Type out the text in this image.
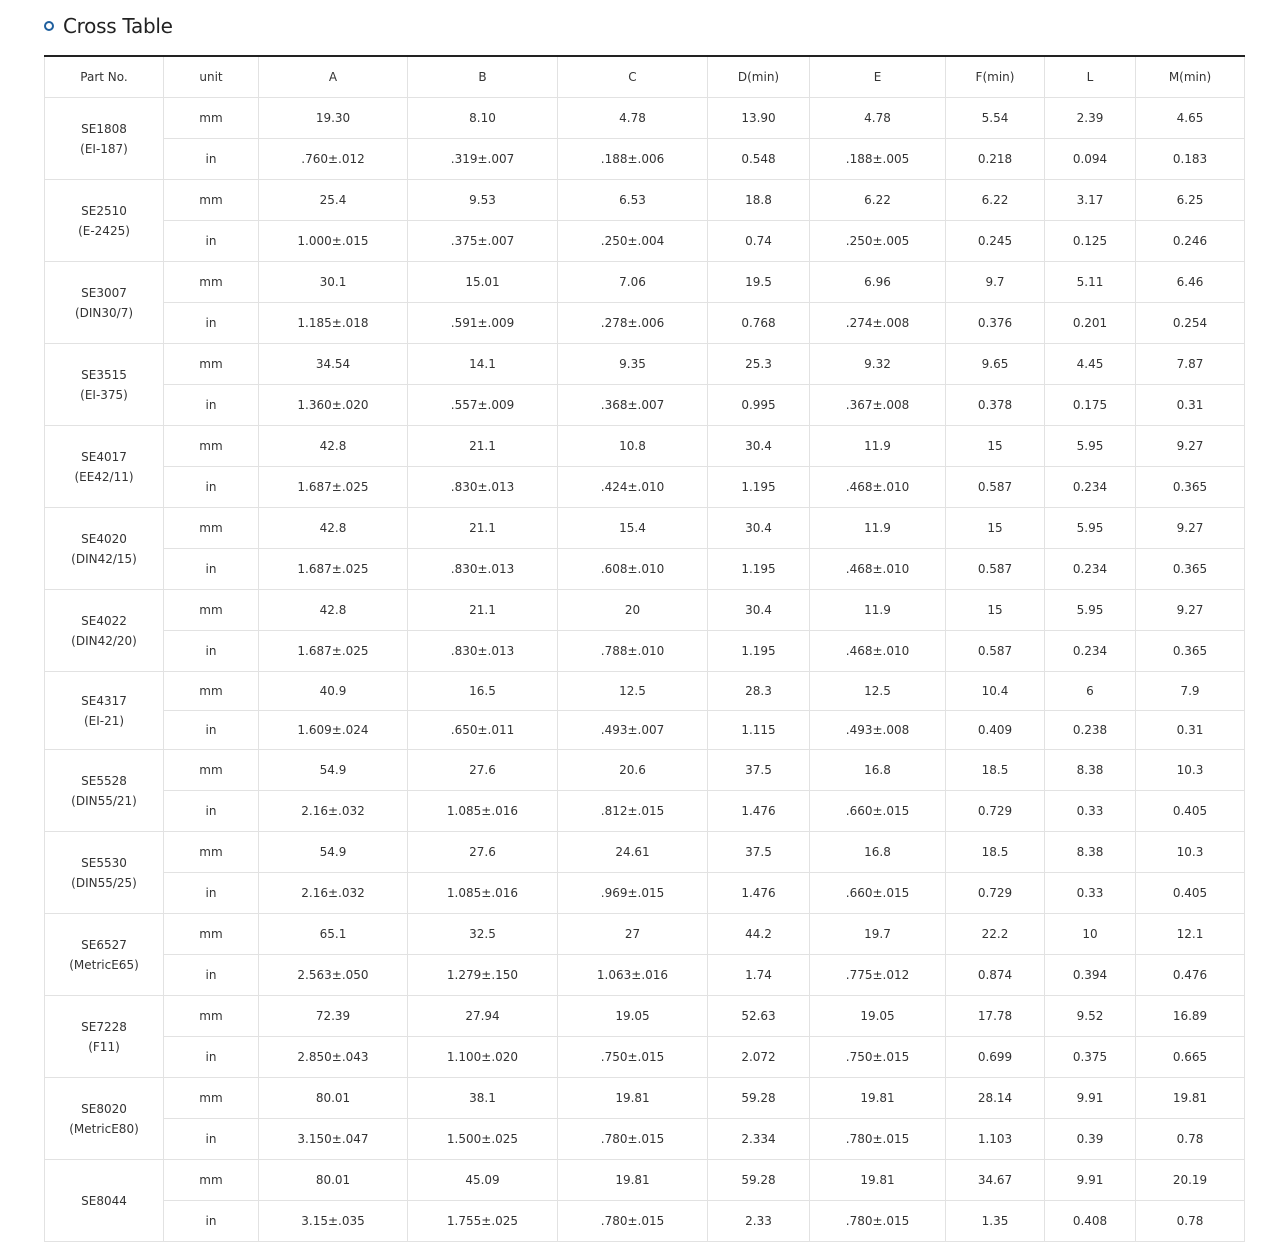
Cross Table
Part No.	unit	A	B	C	D(min)	E	F(min)	L	M(min)

SE1808
(EI-187)	mm	19.30	8.10	4.78	13.90	4.78	5.54	2.39	4.65
	in	.760±.012	.319±.007	.188±.006	0.548	.188±.005	0.218	0.094	0.183

SE2510
(E-2425)	mm	25.4	9.53	6.53	18.8	6.22	6.22	3.17	6.25
	in	1.000±.015	.375±.007	.250±.004	0.74	.250±.005	0.245	0.125	0.246

SE3007
(DIN30/7)	mm	30.1	15.01	7.06	19.5	6.96	9.7	5.11	6.46
	in	1.185±.018	.591±.009	.278±.006	0.768	.274±.008	0.376	0.201	0.254

SE3515
(EI-375)	mm	34.54	14.1	9.35	25.3	9.32	9.65	4.45	7.87
	in	1.360±.020	.557±.009	.368±.007	0.995	.367±.008	0.378	0.175	0.31

SE4017
(EE42/11)	mm	42.8	21.1	10.8	30.4	11.9	15	5.95	9.27
	in	1.687±.025	.830±.013	.424±.010	1.195	.468±.010	0.587	0.234	0.365

SE4020
(DIN42/15)	mm	42.8	21.1	15.4	30.4	11.9	15	5.95	9.27
	in	1.687±.025	.830±.013	.608±.010	1.195	.468±.010	0.587	0.234	0.365

SE4022
(DIN42/20)	mm	42.8	21.1	20	30.4	11.9	15	5.95	9.27
	in	1.687±.025	.830±.013	.788±.010	1.195	.468±.010	0.587	0.234	0.365

SE4317
(EI-21)	mm	40.9	16.5	12.5	28.3	12.5	10.4	6	7.9
	in	1.609±.024	.650±.011	.493±.007	1.115	.493±.008	0.409	0.238	0.31

SE5528
(DIN55/21)	mm	54.9	27.6	20.6	37.5	16.8	18.5	8.38	10.3
	in	2.16±.032	1.085±.016	.812±.015	1.476	.660±.015	0.729	0.33	0.405

SE5530
(DIN55/25)	mm	54.9	27.6	24.61	37.5	16.8	18.5	8.38	10.3
	in	2.16±.032	1.085±.016	.969±.015	1.476	.660±.015	0.729	0.33	0.405

SE6527
(MetricE65)	mm	65.1	32.5	27	44.2	19.7	22.2	10	12.1
	in	2.563±.050	1.279±.150	1.063±.016	1.74	.775±.012	0.874	0.394	0.476

SE7228
(F11)	mm	72.39	27.94	19.05	52.63	19.05	17.78	9.52	16.89
	in	2.850±.043	1.100±.020	.750±.015	2.072	.750±.015	0.699	0.375	0.665

SE8020
(MetricE80)	mm	80.01	38.1	19.81	59.28	19.81	28.14	9.91	19.81
	in	3.150±.047	1.500±.025	.780±.015	2.334	.780±.015	1.103	0.39	0.78

SE8044	mm	80.01	45.09	19.81	59.28	19.81	34.67	9.91	20.19
	in	3.15±.035	1.755±.025	.780±.015	2.33	.780±.015	1.35	0.408	0.78
